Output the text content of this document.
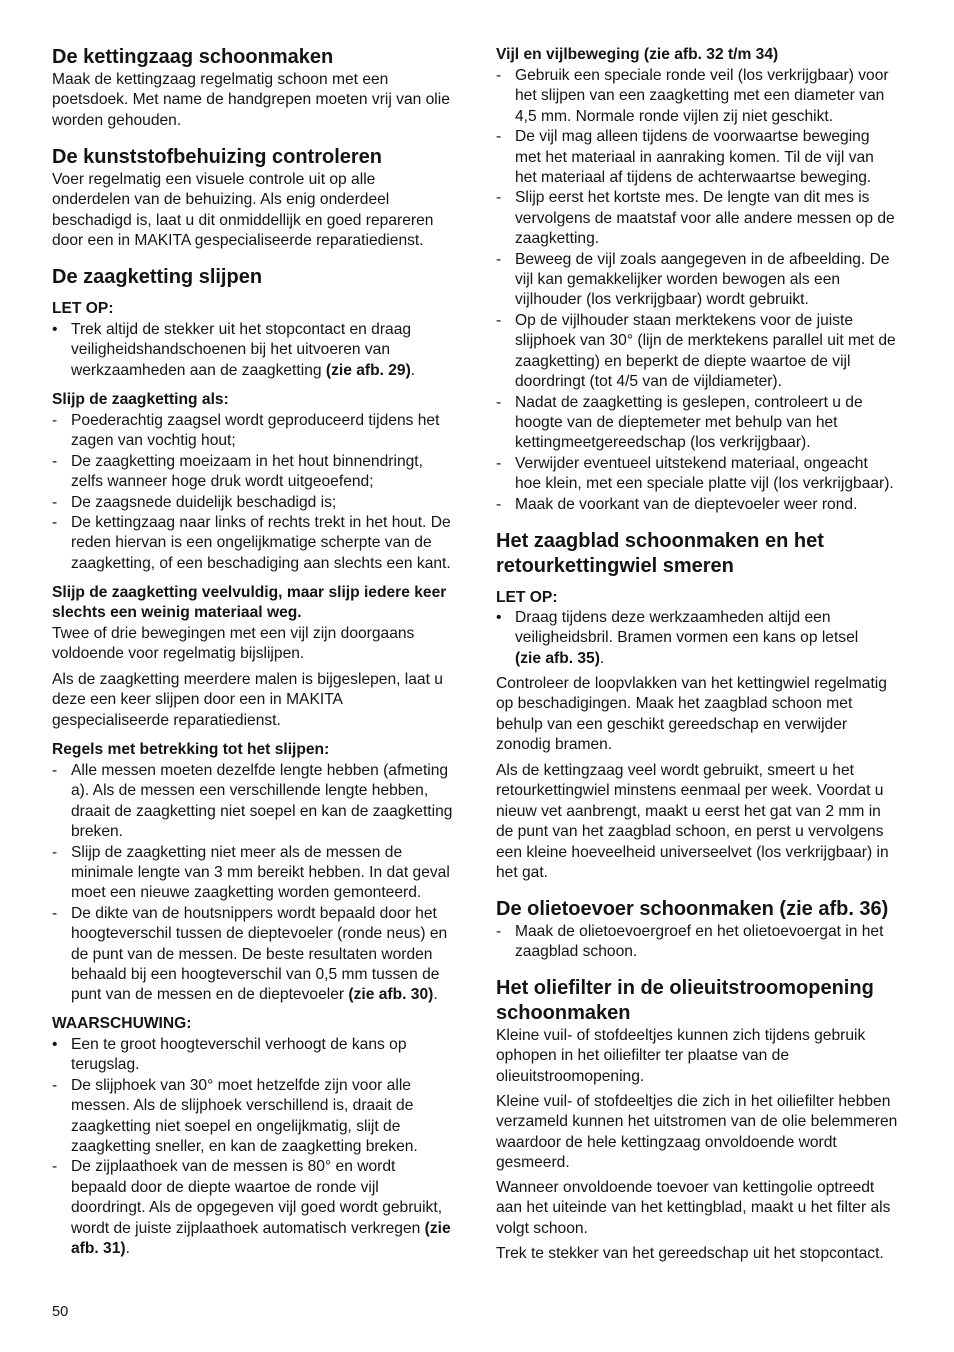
De kettingzaag schoonmaken

Maak de kettingzaag regelmatig schoon met een
poetsdoek. Met name de handgrepen moeten vrij van olie
worden gehouden.

De kunststofbehuizing controleren

Voer regelmatig een visuele controle uit op alle
onderdelen van de behuizing. Als enig onderdeel
beschadigd is, laat u dit onmiddellijk en goed repareren
door een in MAKITA gespecialiseerde reparatiedienst.

De zaagketting slijpen
LET OP:
• Trek altijd de stekker uit het stopcontact en draag
veiligheidshandschoenen bij het uitvoeren van
werkzaamheden aan de zaagketting (zie afb. 29).
Slijp de zaagketting als:
- Poederachtig zaagsel wordt geproduceerd tijdens het
zagen van vochtig hout;
- De zaagketting moeizaam in het hout binnendringt,
zelfs wanneer hoge druk wordt uitgeoefend;
- De zaagsnede duidelijk beschadigd is;
- De kettingzaag naar links of rechts trekt in het hout. De
reden hiervan is een ongelijkmatige scherpte van de
zaagketting, of een beschadiging aan slechts een kant.
Slijp de zaagketting veelvuldig, maar slijp iedere keer
slechts een weinig materiaal weg.

Twee of drie bewegingen met een vijl zijn doorgaans
voldoende voor regelmatig bijslijpen.

Als de zaagketting meerdere malen is bijgeslepen, laat u
deze een keer slijpen door een in MAKITA
gespecialiseerde reparatiedienst.

Regels met betrekking tot het slijpen:
- Alle messen moeten dezelfde lengte hebben (afmeting
a). Als de messen een verschillende lengte hebben,
draait de zaagketting niet soepel en kan de zaagketting
breken.
- Slijp de zaagketting niet meer als de messen de
minimale lengte van 3 mm bereikt hebben. In dat geval
moet een nieuwe zaagketting worden gemonteerd.
- De dikte van de houtsnippers wordt bepaald door het
hoogteverschil tussen de dieptevoeler (ronde neus) en
de punt van de messen. De beste resultaten worden
behaald bij een hoogteverschil van 0,5 mm tussen de
punt van de messen en de dieptevoeler (zie afb. 30).
WAARSCHUWING:
• Een te groot hoogteverschil verhoogt de kans op
terugslag.
- De slijphoek van 30° moet hetzelfde zijn voor alle
messen. Als de slijphoek verschillend is, draait de
zaagketting niet soepel en ongelijkmatig, slijt de
zaagketting sneller, en kan de zaagketting breken.
- De zijplaathoek van de messen is 80° en wordt
bepaald door de diepte waartoe de ronde vijl
doordringt. Als de opgegeven vijl goed wordt gebruikt,
wordt de juiste zijplaathoek automatisch verkregen (zie
afb. 31).
50
Vijl en vijlbeweging (zie afb. 32 t/m 34)
- Gebruik een speciale ronde veil (los verkrijgbaar) voor
het slijpen van een zaagketting met een diameter van
4,5 mm. Normale ronde vijlen zij niet geschikt.
- De vijl mag alleen tijdens de voorwaartse beweging
met het materiaal in aanraking komen. Til de vijl van
het materiaal af tijdens de achterwaartse beweging.
- Slijp eerst het kortste mes. De lengte van dit mes is
vervolgens de maatstaf voor alle andere messen op de
zaagketting.
- Beweeg de vijl zoals aangegeven in de afbeelding. De
vijl kan gemakkelijker worden bewogen als een
vijlhouder (los verkrijgbaar) wordt gebruikt.
- Op de vijlhouder staan merktekens voor de juiste
slijphoek van 30° (lijn de merktekens parallel uit met de
zaagketting) en beperkt de diepte waartoe de vijl
doordringt (tot 4/5 van de vijldiameter).
- Nadat de zaagketting is geslepen, controleert u de
hoogte van de dieptemeter met behulp van het
kettingmeetgereedschap (los verkrijgbaar).
- Verwijder eventueel uitstekend materiaal, ongeacht
hoe klein, met een speciale platte vijl (los verkrijgbaar).
- Maak de voorkant van de dieptevoeler weer rond.
Het zaagblad schoonmaken en het
retourkettingwiel smeren
LET OP:
• Draag tijdens deze werkzaamheden altijd een
veiligheidsbril. Bramen vormen een kans op letsel
(zie afb. 35).

Controleer de loopvlakken van het kettingwiel regelmatig
op beschadigingen. Maak het zaagblad schoon met
behulp van een geschikt gereedschap en verwijder
zonodig bramen.

Als de kettingzaag veel wordt gebruikt, smeert u het
retourkettingwiel minstens eenmaal per week. Voordat u
nieuw vet aanbrengt, maakt u eerst het gat van 2 mm in
de punt van het zaagblad schoon, en perst u vervolgens
een kleine hoeveelheid universeelvet (los verkrijgbaar) in
het gat.

De olietoevoer schoonmaken (zie afb. 36)
- Maak de olietoevoergroef en het olietoevoergat in het
zaagblad schoon.
Het oliefilter in de olieuitstroomopening
schoonmaken

Kleine vuil- of stofdeeltjes kunnen zich tijdens gebruik
ophopen in het oiliefilter ter plaatse van de
olieuitstroomopening.

Kleine vuil- of stofdeeltjes die zich in het oiliefilter hebben
verzameld kunnen het uitstromen van de olie belemmeren
waardoor de hele kettingzaag onvoldoende wordt
gesmeerd.

Wanneer onvoldoende toevoer van kettingolie optreedt
aan het uiteinde van het kettingblad, maakt u het filter als
volgt schoon.

Trek te stekker van het gereedschap uit het stopcontact.
